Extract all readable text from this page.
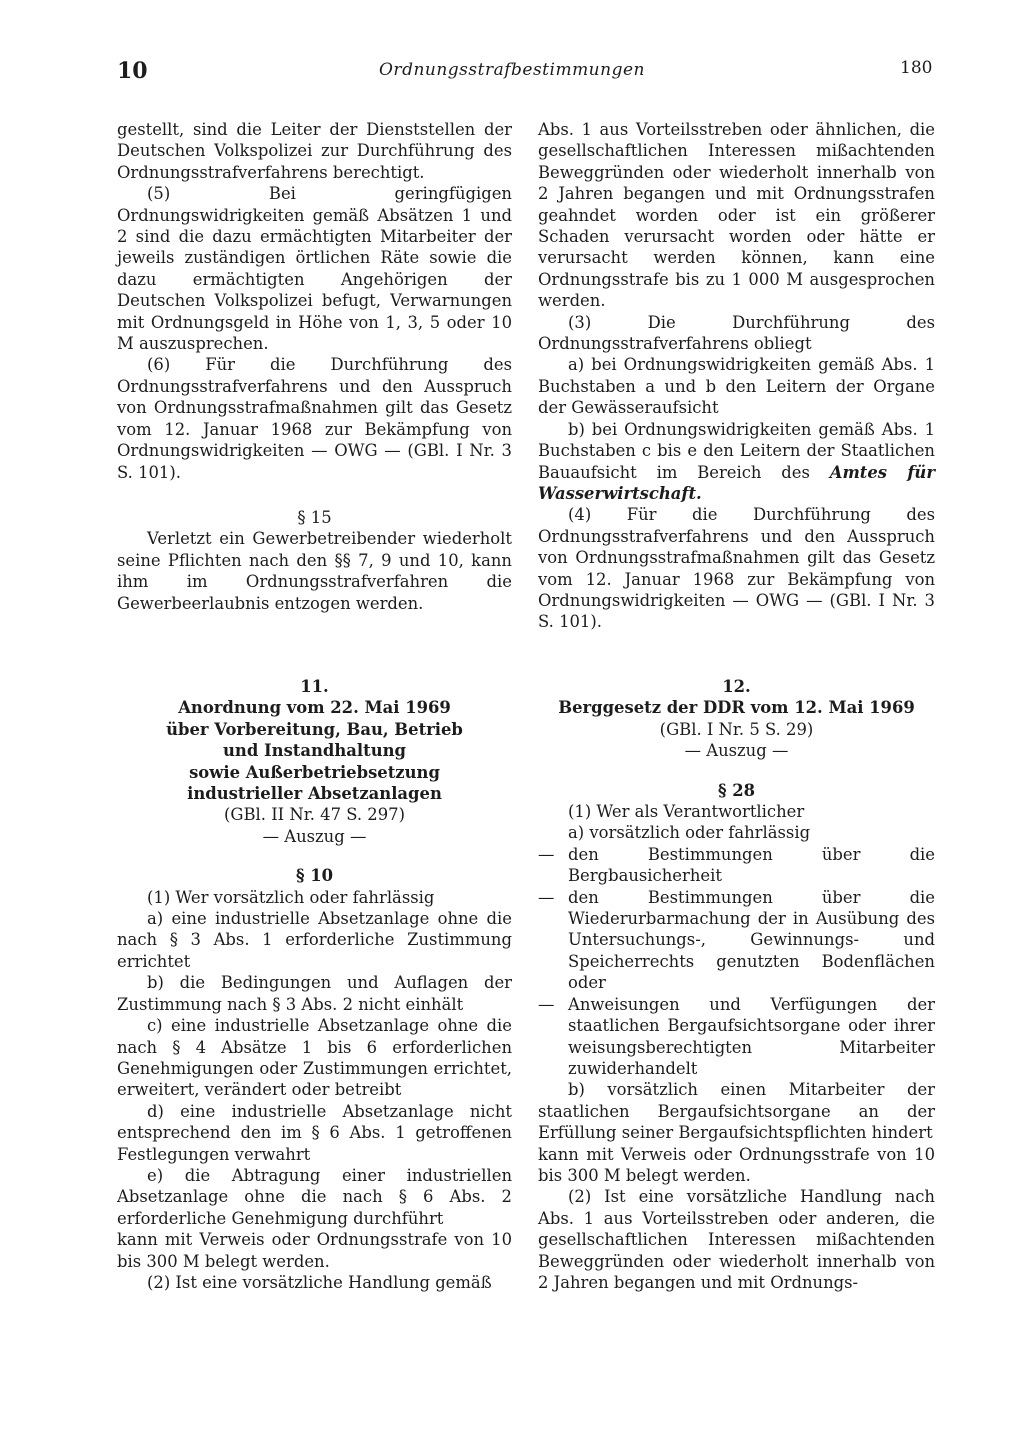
10	Ordnungsstrafbestimmungen	180

gestellt, sind die Leiter der Dienststellen der Deutschen Volkspolizei zur Durchführung des Ordnungsstrafverfahrens berechtigt.

(5) Bei geringfügigen Ordnungswidrigkeiten gemäß Absätzen 1 und 2 sind die dazu ermächtigten Mitarbeiter der jeweils zuständigen örtlichen Räte sowie die dazu ermächtigten Angehörigen der Deutschen Volkspolizei befugt, Verwarnungen mit Ordnungsgeld in Höhe von 1, 3, 5 oder 10 M auszusprechen.

(6) Für die Durchführung des Ordnungsstrafverfahrens und den Ausspruch von Ordnungsstrafmaßnahmen gilt das Gesetz vom 12. Januar 1968 zur Bekämpfung von Ordnungswidrigkeiten — OWG — (GBl. I Nr. 3 S. 101).

§ 15

Verletzt ein Gewerbetreibender wiederholt seine Pflichten nach den §§ 7, 9 und 10, kann ihm im Ordnungsstrafverfahren die Gewerbeerlaubnis entzogen werden.

Abs. 1 aus Vorteilsstreben oder ähnlichen, die gesellschaftlichen Interessen mißachtenden Beweggründen oder wiederholt innerhalb von 2 Jahren begangen und mit Ordnungsstrafen geahndet worden oder ist ein größerer Schaden verursacht worden oder hätte er verursacht werden können, kann eine Ordnungsstrafe bis zu 1 000 M ausgesprochen werden.

(3) Die Durchführung des Ordnungsstrafverfahrens obliegt

a) bei Ordnungswidrigkeiten gemäß Abs. 1 Buchstaben a und b den Leitern der Organe der Gewässeraufsicht

b) bei Ordnungswidrigkeiten gemäß Abs. 1 Buchstaben c bis e den Leitern der Staatlichen Bauaufsicht im Bereich des Amtes für Wasserwirtschaft.

(4) Für die Durchführung des Ordnungsstrafverfahrens und den Ausspruch von Ordnungsstrafmaßnahmen gilt das Gesetz vom 12. Januar 1968 zur Bekämpfung von Ordnungswidrigkeiten — OWG — (GBl. I Nr. 3 S. 101).

11.

Anordnung vom 22. Mai 1969

über Vorbereitung, Bau, Betrieb

und Instandhaltung

sowie Außerbetriebsetzung

industrieller Absetzanlagen

(GBl. II Nr. 47 S. 297)

— Auszug —

§ 10

(1) Wer vorsätzlich oder fahrlässig

a) eine industrielle Absetzanlage ohne die nach § 3 Abs. 1 erforderliche Zustimmung errichtet

b) die Bedingungen und Auflagen der Zustimmung nach § 3 Abs. 2 nicht einhält

c) eine industrielle Absetzanlage ohne die nach § 4 Absätze 1 bis 6 erforderlichen Genehmigungen oder Zustimmungen errichtet, erweitert, verändert oder betreibt

d) eine industrielle Absetzanlage nicht entsprechend den im § 6 Abs. 1 getroffenen Festlegungen verwahrt

e) die Abtragung einer industriellen Absetzanlage ohne die nach § 6 Abs. 2 erforderliche Genehmigung durchführt

kann mit Verweis oder Ordnungsstrafe von 10 bis 300 M belegt werden.

(2) Ist eine vorsätzliche Handlung gemäß

12.

Berggesetz der DDR vom 12. Mai 1969

(GBl. I Nr. 5 S. 29)

— Auszug —

§ 28

(1) Wer als Verantwortlicher

a) vorsätzlich oder fahrlässig

— den Bestimmungen über die Bergbausicherheit

— den Bestimmungen über die Wiederurbarmachung der in Ausübung des Untersuchungs-, Gewinnungs- und Speicherrechts genutzten Bodenflächen oder

— Anweisungen und Verfügungen der staatlichen Bergaufsichtsorgane oder ihrer weisungsberechtigten Mitarbeiter zuwiderhandelt

b) vorsätzlich einen Mitarbeiter der staatlichen Bergaufsichtsorgane an der Erfüllung seiner Bergaufsichtspflichten hindert

kann mit Verweis oder Ordnungsstrafe von 10 bis 300 M belegt werden.

(2) Ist eine vorsätzliche Handlung nach Abs. 1 aus Vorteilsstreben oder anderen, die gesellschaftlichen Interessen mißachtenden Beweggründen oder wiederholt innerhalb von 2 Jahren begangen und mit Ordnungs-
